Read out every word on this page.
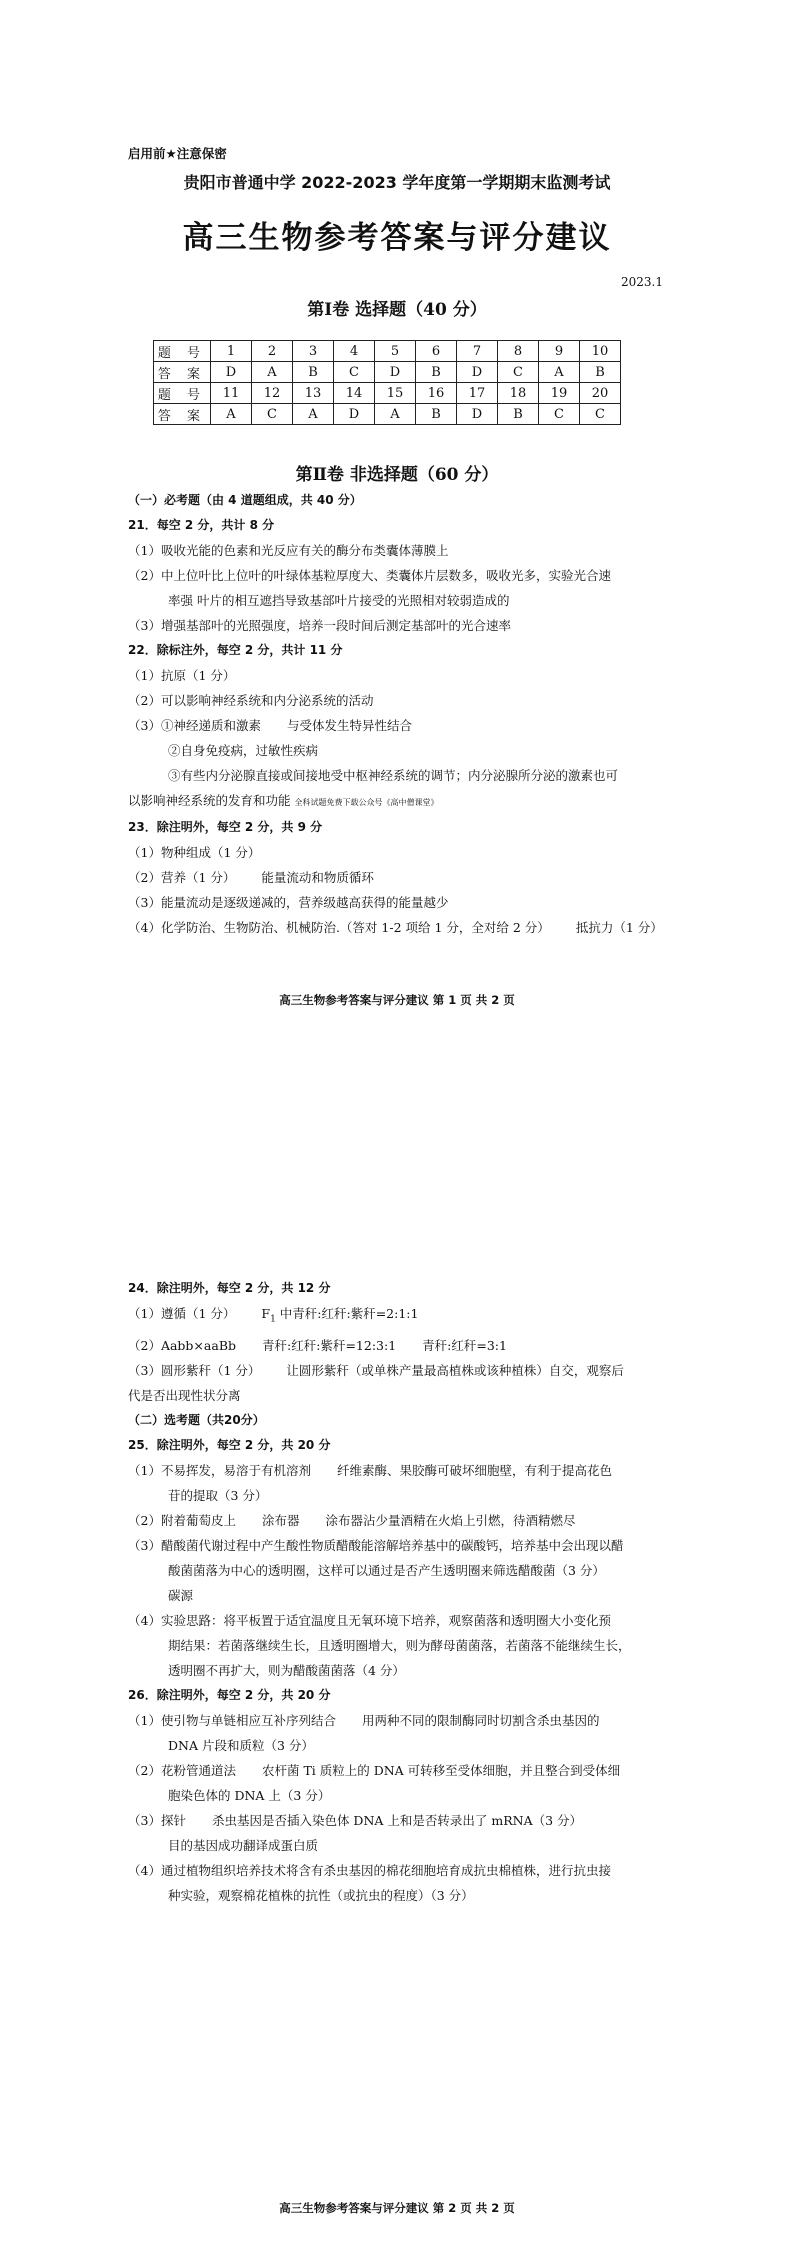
启用前★注意保密
贵阳市普通中学 2022-2023 学年度第一学期期末监测考试
高三生物参考答案与评分建议
2023.1
第Ⅰ卷 选择题（40 分）
题 号	1	2	3	4	5	6	7	8	9	10
答 案	D	A	B	C	D	B	D	C	A	B
题 号	11	12	13	14	15	16	17	18	19	20
答 案	A	C	A	D	A	B	D	B	C	C
第Ⅱ卷 非选择题（60 分）
（一）必考题（由 4 道题组成，共 40 分）
21．每空 2 分，共计 8 分
（1）吸收光能的色素和光反应有关的酶分布类囊体薄膜上
（2）中上位叶比上位叶的叶绿体基粒厚度大、类囊体片层数多，吸收光多，实验光合速
率强 叶片的相互遮挡导致基部叶片接受的光照相对较弱造成的
（3）增强基部叶的光照强度，培养一段时间后测定基部叶的光合速率
22．除标注外，每空 2 分，共计 11 分
（1）抗原（1 分）
（2）可以影响神经系统和内分泌系统的活动
（3）①神经递质和激素 与受体发生特异性结合
②自身免疫病，过敏性疾病
③有些内分泌腺直接或间接地受中枢神经系统的调节；内分泌腺所分泌的激素也可
以影响神经系统的发育和功能 全科试题免费下载公众号《高中僧课堂》
23．除注明外，每空 2 分，共 9 分
（1）物种组成（1 分）
（2）营养（1 分） 能量流动和物质循环
（3）能量流动是逐级递减的，营养级越高获得的能量越少
（4）化学防治、生物防治、机械防治.（答对 1-2 项给 1 分，全对给 2 分） 抵抗力（1 分）
高三生物参考答案与评分建议 第 1 页 共 2 页
24．除注明外，每空 2 分，共 12 分
（1）遵循（1 分） $F_1$ 中青秆:红秆:紫秆=2:1:1
（2）Aabb×aaBb 青秆:红秆:紫秆=12:3:1 青秆:红秆=3:1
（3）圆形紫秆（1 分） 让圆形紫秆（或单株产量最高植株或该种植株）自交，观察后
代是否出现性状分离
（二）选考题（共20分）
25．除注明外，每空 2 分，共 20 分
（1）不易挥发，易溶于有机溶剂 纤维素酶、果胶酶可破坏细胞壁，有利于提高花色
苷的提取（3 分）
（2）附着葡萄皮上 涂布器 涂布器沾少量酒精在火焰上引燃，待酒精燃尽
（3）醋酸菌代谢过程中产生酸性物质醋酸能溶解培养基中的碳酸钙，培养基中会出现以醋
酸菌菌落为中心的透明圈，这样可以通过是否产生透明圈来筛选醋酸菌（3 分）
碳源
（4）实验思路：将平板置于适宜温度且无氧环境下培养，观察菌落和透明圈大小变化预
期结果：若菌落继续生长，且透明圈增大，则为酵母菌菌落，若菌落不能继续生长，
透明圈不再扩大，则为醋酸菌菌落（4 分）
26．除注明外，每空 2 分，共 20 分
（1）使引物与单链相应互补序列结合 用两种不同的限制酶同时切割含杀虫基因的
DNA 片段和质粒（3 分）
（2）花粉管通道法 农杆菌 Ti 质粒上的 DNA 可转移至受体细胞，并且整合到受体细
胞染色体的 DNA 上（3 分）
（3）探针 杀虫基因是否插入染色体 DNA 上和是否转录出了 mRNA（3 分）
目的基因成功翻译成蛋白质
（4）通过植物组织培养技术将含有杀虫基因的棉花细胞培育成抗虫棉植株，进行抗虫接
种实验，观察棉花植株的抗性（或抗虫的程度）（3 分）
高三生物参考答案与评分建议 第 2 页 共 2 页
